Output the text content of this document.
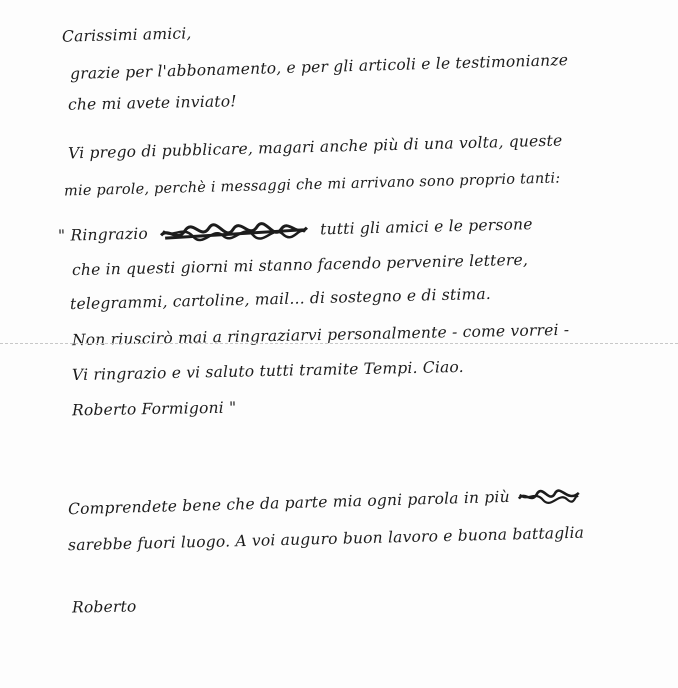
Carissimi amici,
grazie per l'abbonamento, e per gli articoli e le testimonianze
che mi avete inviato!
Vi prego di pubblicare, magari anche più di una volta, queste
mie parole, perchè i messaggi che mi arrivano sono proprio tanti:
" Ringrazio	tutti gli amici e le persone
che in questi giorni mi stanno facendo pervenire lettere,
telegrammi, cartoline, mail... di sostegno e di stima.
Non riuscirò mai a ringraziarvi personalmente - come vorrei -
Vi ringrazio e vi saluto tutti tramite Tempi. Ciao.
Roberto Formigoni "
Comprendete bene che da parte mia ogni parola in più
sarebbe fuori luogo. A voi auguro buon lavoro e buona battaglia
Roberto
